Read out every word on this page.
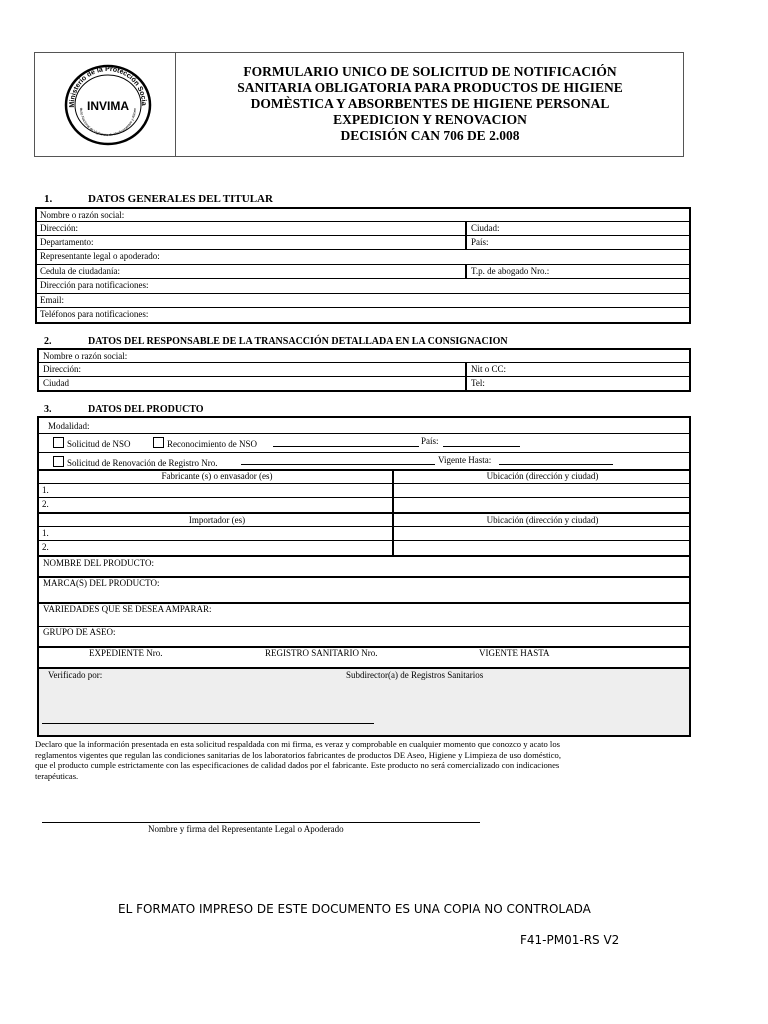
Ministerio de la Protección Socia
tituto Nacional de Vigilancia de Medicamentos y Alimen
INVIMA
FORMULARIO UNICO DE SOLICITUD DE NOTIFICACIÓN
SANITARIA OBLIGATORIA PARA PRODUCTOS DE HIGIENE
DOMÈSTICA Y ABSORBENTES DE HIGIENE PERSONAL
EXPEDICION Y RENOVACION
DECISIÓN CAN 706 DE 2.008
1.	DATOS GENERALES DEL TITULAR
Nombre o razón social:
Dirección:	Ciudad:
Departamento:	País:
Representante legal o apoderado:
Cedula de ciudadanía:	T.p. de abogado Nro.:
Dirección para notificaciones:
Email:
Teléfonos para notificaciones:
2.	DATOS DEL RESPONSABLE DE LA TRANSACCIÓN DETALLADA EN LA CONSIGNACION
Nombre o razón social:
Dirección:	Nit o CC:
Ciudad	Tel:
3.	DATOS DEL PRODUCTO
Modalidad:
Solicitud de NSO	Reconocimiento de NSO	País:
Solicitud de Renovación de Registro Nro.	Vigente Hasta:
Fabricante (s) o envasador (es)	Ubicación (dirección y ciudad)
1.
2.
Importador (es)	Ubicación (dirección y ciudad)
1.
2.
NOMBRE DEL PRODUCTO:
MARCA(S) DEL PRODUCTO:
VARIEDADES QUE SE DESEA AMPARAR:
GRUPO DE ASEO:
EXPEDIENTE Nro.	REGISTRO SANITARIO Nro.	VIGENTE HASTA
Verificado por:	Subdirector(a) de Registros Sanitarios
Declaro que la información presentada en esta solicitud respaldada con mi firma, es veraz y comprobable en cualquier momento que conozco y acato los
reglamentos vigentes que regulan las condiciones sanitarias de los laboratorios fabricantes de productos DE Aseo, Higiene y Limpieza de uso doméstico,
que el producto cumple estrictamente con las especificaciones de calidad dados por el fabricante. Este producto no será comercializado con indicaciones
terapéuticas.
Nombre y firma del Representante Legal o Apoderado
EL FORMATO IMPRESO DE ESTE DOCUMENTO ES UNA COPIA NO CONTROLADA
F41-PM01-RS V2
